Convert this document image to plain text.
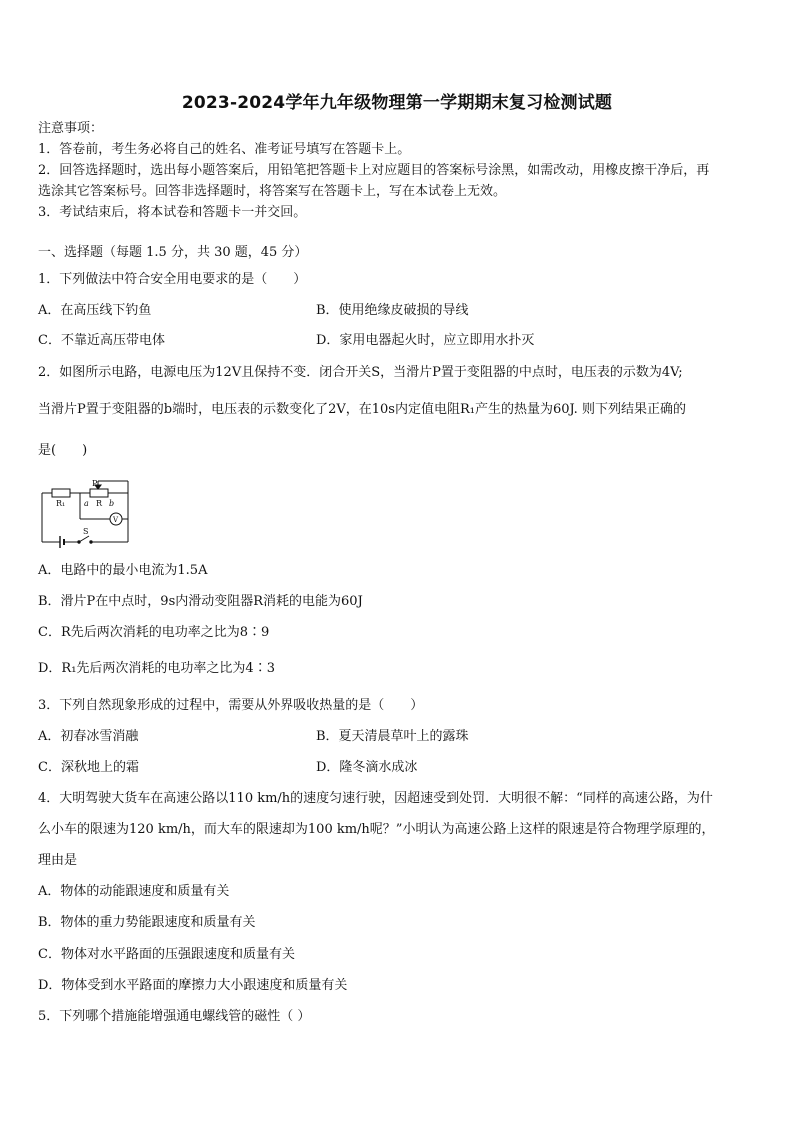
2023-2024学年九年级物理第一学期期末复习检测试题
注意事项：
1．答卷前，考生务必将自己的姓名、准考证号填写在答题卡上。
2．回答选择题时，选出每小题答案后，用铅笔把答题卡上对应题目的答案标号涂黑，如需改动，用橡皮擦干净后，再
选涂其它答案标号。回答非选择题时，将答案写在答题卡上，写在本试卷上无效。
3．考试结束后，将本试卷和答题卡一并交回。
一、选择题（每题 1.5 分，共 30 题，45 分）
1．下列做法中符合安全用电要求的是（　　）
A．在高压线下钓鱼	B．使用绝缘皮破损的导线
C．不靠近高压带电体	D．家用电器起火时，应立即用水扑灭
2．如图所示电路，电源电压为12V且保持不变．闭合开关S，当滑片P置于变阻器的中点时，电压表的示数为4V;
当滑片P置于变阻器的b端时，电压表的示数变化了2V，在10s内定值电阻R₁产生的热量为60J. 则下列结果正确的
是(　　)
R₁
P
a R b
V
S
A．电路中的最小电流为1.5A
B．滑片P在中点时，9s内滑动变阻器R消耗的电能为60J
C．R先后两次消耗的电功率之比为8∶9
D．R₁先后两次消耗的电功率之比为4∶3
3．下列自然现象形成的过程中，需要从外界吸收热量的是（　　）
A．初春冰雪消融	B．夏天清晨草叶上的露珠
C．深秋地上的霜	D．隆冬滴水成冰
4．大明驾驶大货车在高速公路以110 km/h的速度匀速行驶，因超速受到处罚．大明很不解：“同样的高速公路，为什
么小车的限速为120 km/h，而大车的限速却为100 km/h呢？”小明认为高速公路上这样的限速是符合物理学原理的，
理由是
A．物体的动能跟速度和质量有关
B．物体的重力势能跟速度和质量有关
C．物体对水平路面的压强跟速度和质量有关
D．物体受到水平路面的摩擦力大小跟速度和质量有关
5．下列哪个措施能增强通电螺线管的磁性（ ）
